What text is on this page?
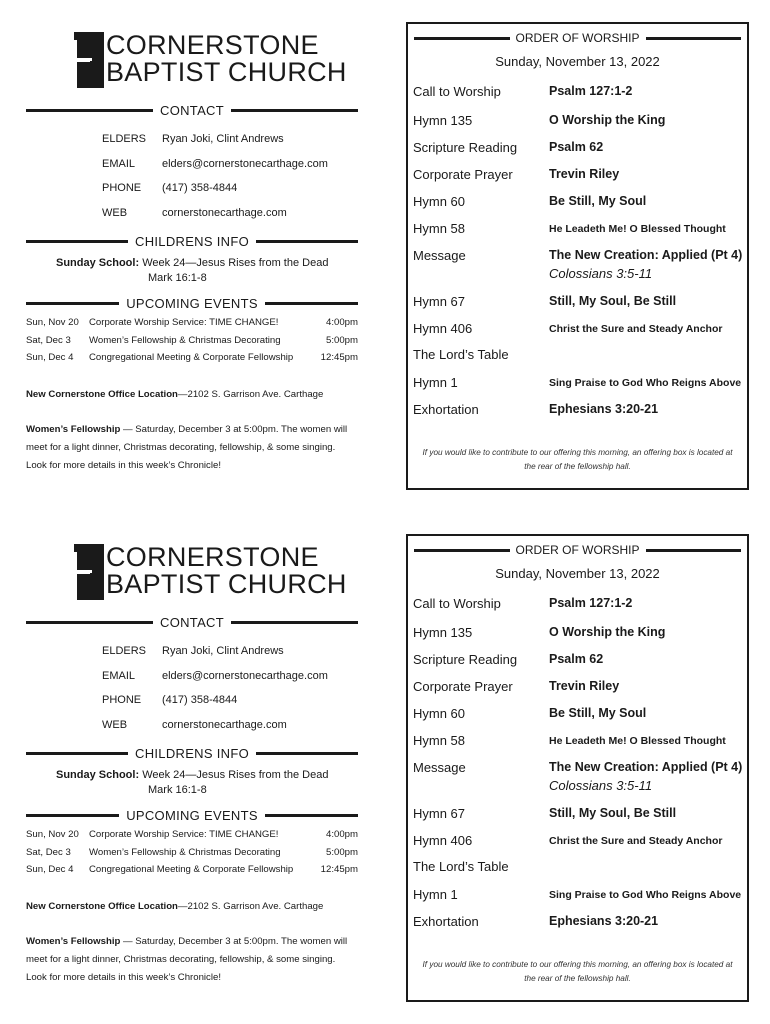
CORNERSTONE
BAPTIST CHURCH
CONTACT
ELDERS	Ryan Joki, Clint Andrews
EMAIL	elders@cornerstonecarthage.com
PHONE	(417) 358-4844
WEB	cornerstonecarthage.com
CHILDRENS INFO
Sunday School: Week 24—Jesus Rises from the Dead
Mark 16:1-8
UPCOMING EVENTS
Sun, Nov 20 Corporate Worship Service: TIME CHANGE!	4:00pm
Sat, Dec 3 Women’s Fellowship & Christmas Decorating	5:00pm
Sun, Dec 4 Congregational Meeting & Corporate Fellowship	12:45pm
New Cornerstone Office Location—2102 S. Garrison Ave. Carthage
Women’s Fellowship — Saturday, December 3 at 5:00pm. The women will meet for a light dinner, Christmas decorating, fellowship, & some singing. Look for more details in this week’s Chronicle!
ORDER OF WORSHIP
Sunday, November 13, 2022
Call to Worship	Psalm 127:1-2
Hymn 135	O Worship the King
Scripture Reading	Psalm 62
Corporate Prayer	Trevin Riley
Hymn 60	Be Still, My Soul
Hymn 58	He Leadeth Me! O Blessed Thought
Message	The New Creation: Applied (Pt 4)
Colossians 3:5-11
Hymn 67	Still, My Soul, Be Still
Hymn 406	Christ the Sure and Steady Anchor
The Lord’s Table
Hymn 1	Sing Praise to God Who Reigns Above
Exhortation	Ephesians 3:20-21
If you would like to contribute to our offering this morning, an offering box is located at the rear of the fellowship hall.
CORNERSTONE
BAPTIST CHURCH
CONTACT
ELDERS	Ryan Joki, Clint Andrews
EMAIL	elders@cornerstonecarthage.com
PHONE	(417) 358-4844
WEB	cornerstonecarthage.com
CHILDRENS INFO
Sunday School: Week 24—Jesus Rises from the Dead
Mark 16:1-8
UPCOMING EVENTS
Sun, Nov 20 Corporate Worship Service: TIME CHANGE!	4:00pm
Sat, Dec 3 Women’s Fellowship & Christmas Decorating	5:00pm
Sun, Dec 4 Congregational Meeting & Corporate Fellowship	12:45pm
New Cornerstone Office Location—2102 S. Garrison Ave. Carthage
Women’s Fellowship — Saturday, December 3 at 5:00pm. The women will meet for a light dinner, Christmas decorating, fellowship, & some singing. Look for more details in this week’s Chronicle!
ORDER OF WORSHIP
Sunday, November 13, 2022
Call to Worship	Psalm 127:1-2
Hymn 135	O Worship the King
Scripture Reading	Psalm 62
Corporate Prayer	Trevin Riley
Hymn 60	Be Still, My Soul
Hymn 58	He Leadeth Me! O Blessed Thought
Message	The New Creation: Applied (Pt 4)
Colossians 3:5-11
Hymn 67	Still, My Soul, Be Still
Hymn 406	Christ the Sure and Steady Anchor
The Lord’s Table
Hymn 1	Sing Praise to God Who Reigns Above
Exhortation	Ephesians 3:20-21
If you would like to contribute to our offering this morning, an offering box is located at the rear of the fellowship hall.
